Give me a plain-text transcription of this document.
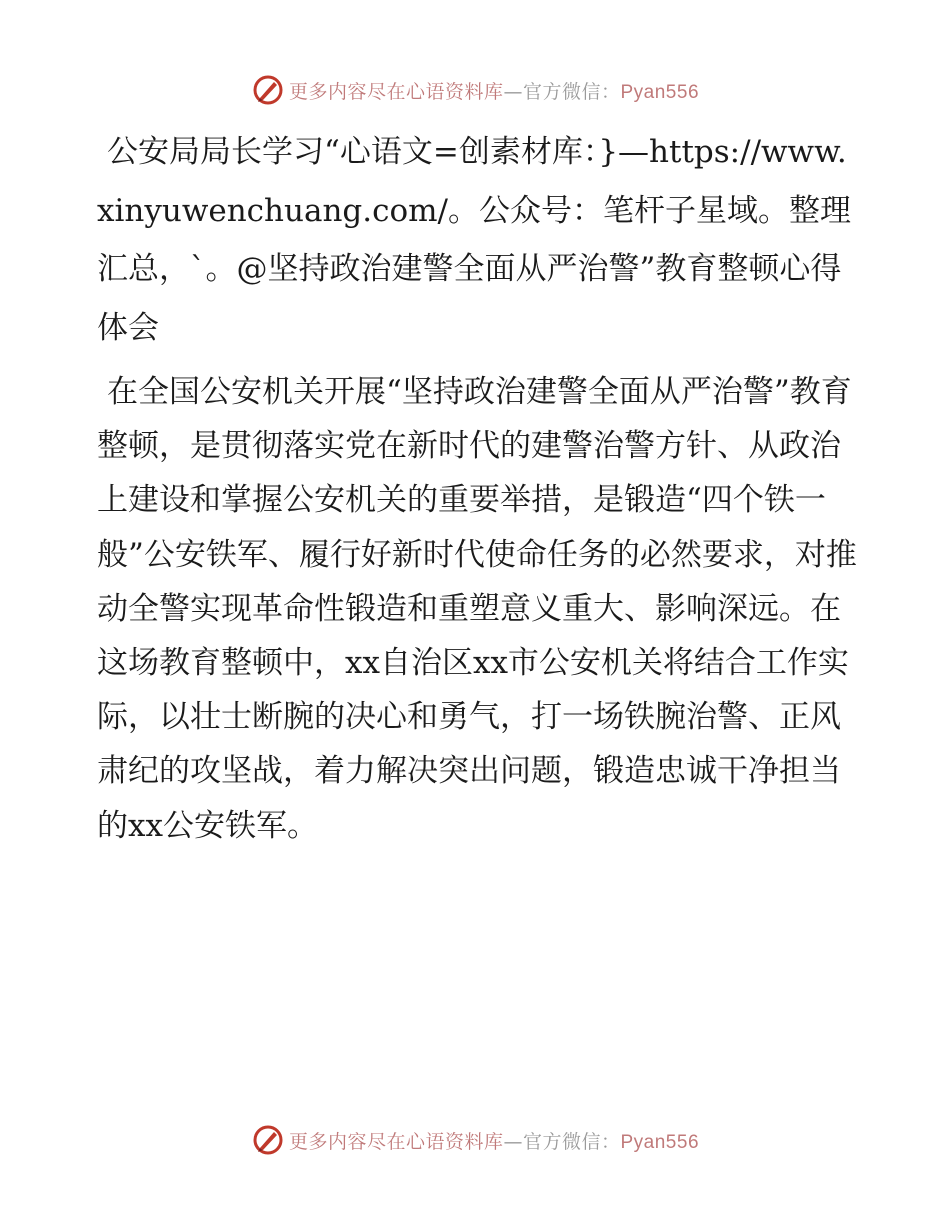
更多内容尽在心语资料库—官方微信：Pyan556

公安局局长学习“心语文=创素材库：}—https://www.xinyuwenchuang.com/。公众号：笔杆子星域。整理汇总，`。@坚持政治建警全面从严治警”教育整顿心得体会

在全国公安机关开展“坚持政治建警全面从严治警”教育整顿，是贯彻落实党在新时代的建警治警方针、从政治上建设和掌握公安机关的重要举措，是锻造“四个铁一般”公安铁军、履行好新时代使命任务的必然要求，对推动全警实现革命性锻造和重塑意义重大、影响深远。在这场教育整顿中，xx自治区xx市公安机关将结合工作实际，以壮士断腕的决心和勇气，打一场铁腕治警、正风肃纪的攻坚战，着力解决突出问题，锻造忠诚干净担当的xx公安铁军。

更多内容尽在心语资料库—官方微信：Pyan556
